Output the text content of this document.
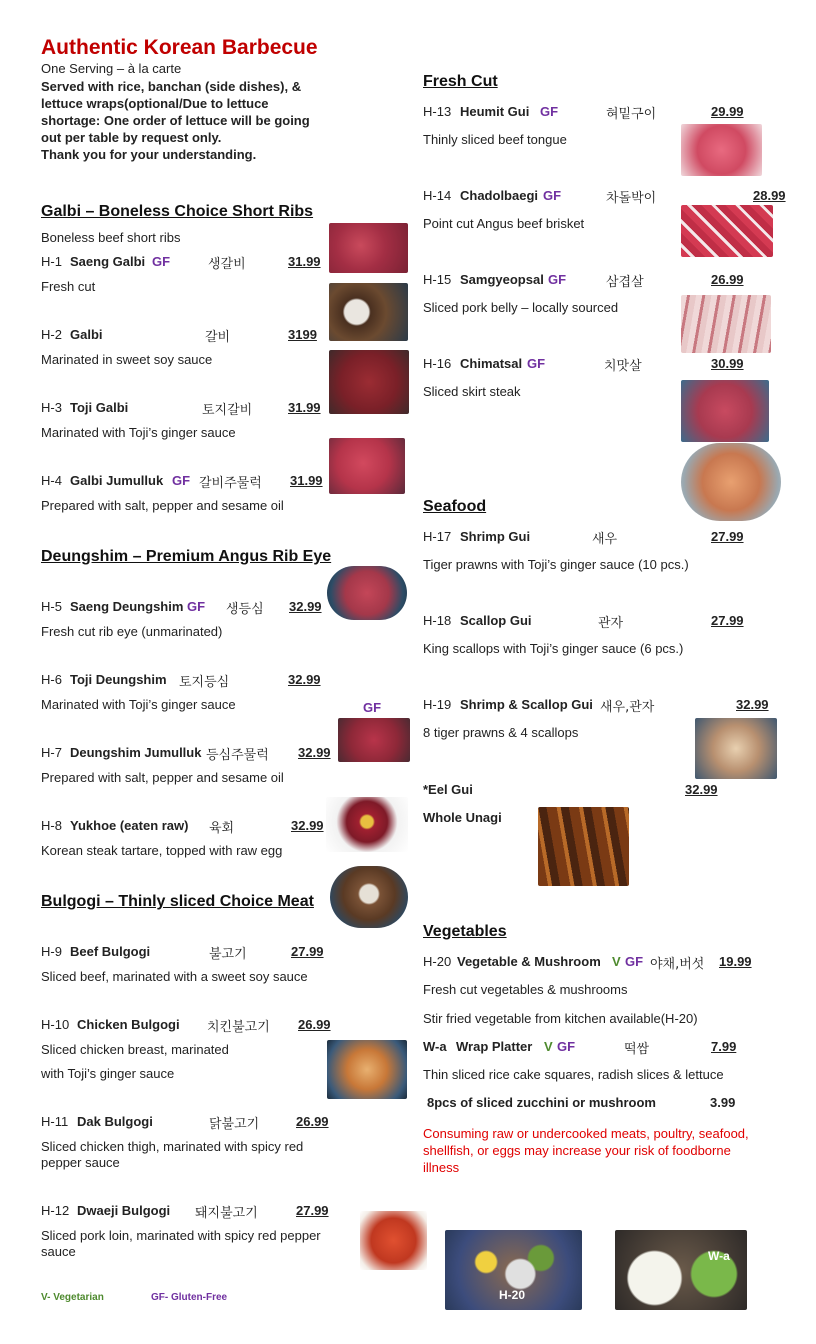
Authentic Korean Barbecue
One Serving – à la carte
Served with rice, banchan (side dishes), &
lettuce wraps(optional/Due to lettuce
shortage: One order of lettuce will be going
out per table by request only.
Thank you for your understanding.
Galbi – Boneless Choice Short Ribs
Boneless beef short ribs
H-1 Saeng Galbi GF	생갈비	31.99
Fresh cut
H-2 Galbi	갈비	3199
Marinated in sweet soy sauce
H-3 Toji Galbi	토지갈비	31.99
Marinated with Toji’s ginger sauce
H-4 Galbi Jumulluk GF 갈비주물럭 31.99
Prepared with salt, pepper and sesame oil
Deungshim – Premium Angus Rib Eye
H-5 Saeng Deungshim GF 생등심 32.99
Fresh cut rib eye (unmarinated)
H-6 Toji Deungshim 토지등심	32.99
Marinated with Toji’s ginger sauce	GF
H-7 Deungshim Jumulluk 등심주물럭 32.99
Prepared with salt, pepper and sesame oil
H-8 Yukhoe (eaten raw) 육회	32.99
Korean steak tartare, topped with raw egg
Bulgogi – Thinly sliced Choice Meat
H-9 Beef Bulgogi	불고기	27.99
Sliced beef, marinated with a sweet soy sauce
H-10 Chicken Bulgogi 치킨불고기 26.99
Sliced chicken breast, marinated
with Toji’s ginger sauce
H-11 Dak Bulgogi	닭불고기	26.99
Sliced chicken thigh, marinated with spicy red
pepper sauce
H-12 Dwaeji Bulgogi 돼지불고기	27.99
Sliced pork loin, marinated with spicy red pepper
sauce
V- Vegetarian	GF- Gluten-Free
Fresh Cut
H-13 Heumit Gui GF	혀밑구이	29.99
Thinly sliced beef tongue
H-14 Chadolbaegi GF	차돌박이	28.99
Point cut Angus beef brisket
H-15 Samgyeopsal GF	삼겹살	26.99
Sliced pork belly – locally sourced
H-16 Chimatsal GF	치맛살	30.99
Sliced skirt steak
Seafood
H-17 Shrimp Gui	새우	27.99
Tiger prawns with Toji’s ginger sauce (10 pcs.)
H-18 Scallop Gui	관자	27.99
King scallops with Toji’s ginger sauce (6 pcs.)
H-19 Shrimp & Scallop Gui 새우,관자	32.99
8 tiger prawns & 4 scallops
*Eel Gui	32.99
Whole Unagi
Vegetables
H-20 Vegetable & Mushroom V GF 야채,버섯 19.99
Fresh cut vegetables & mushrooms
Stir fried vegetable from kitchen available(H-20)
W-a Wrap Platter V GF	떡쌈	7.99
Thin sliced rice cake squares, radish slices & lettuce
8pcs of sliced zucchini or mushroom	3.99
Consuming raw or undercooked meats, poultry, seafood,
shellfish, or eggs may increase your risk of foodborne
illness
H-20
W-a
